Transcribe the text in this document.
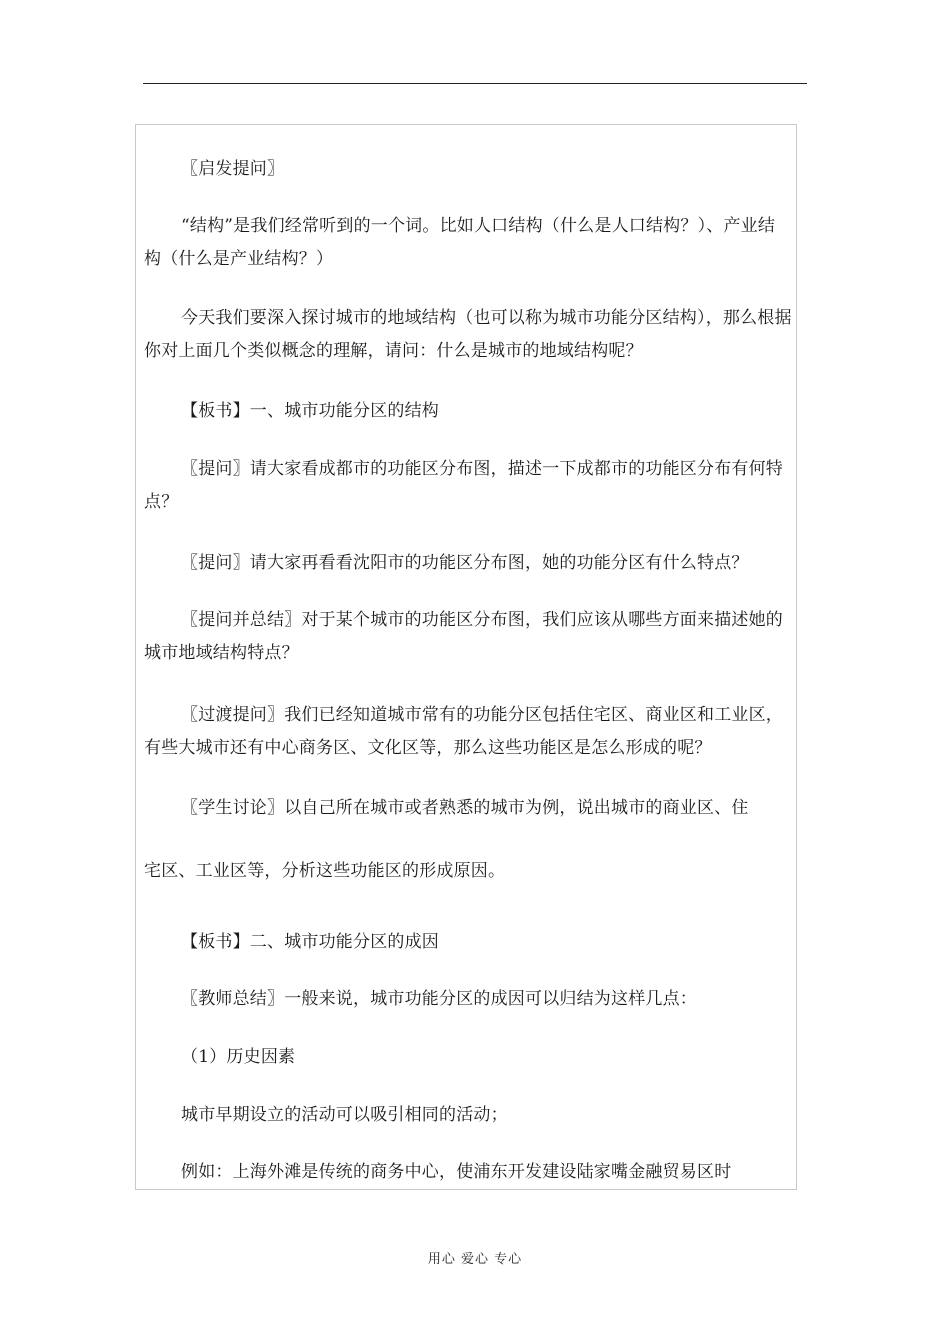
〖启发提问〗
“结构”是我们经常听到的一个词。比如人口结构（什么是人口结构？）、产业结构（什么是产业结构？）
今天我们要深入探讨城市的地域结构（也可以称为城市功能分区结构），那么根据你对上面几个类似概念的理解，请问：什么是城市的地域结构呢？
【板书】一、城市功能分区的结构
〖提问〗请大家看成都市的功能区分布图，描述一下成都市的功能区分布有何特点？
〖提问〗请大家再看看沈阳市的功能区分布图，她的功能分区有什么特点？
〖提问并总结〗对于某个城市的功能区分布图，我们应该从哪些方面来描述她的城市地域结构特点？
〖过渡提问〗我们已经知道城市常有的功能分区包括住宅区、商业区和工业区，有些大城市还有中心商务区、文化区等，那么这些功能区是怎么形成的呢？
〖学生讨论〗以自己所在城市或者熟悉的城市为例，说出城市的商业区、住
宅区、工业区等，分析这些功能区的形成原因。
【板书】二、城市功能分区的成因
〖教师总结〗一般来说，城市功能分区的成因可以归结为这样几点：
（1）历史因素
城市早期设立的活动可以吸引相同的活动；
例如：上海外滩是传统的商务中心，使浦东开发建设陆家嘴金融贸易区时
用心 爱心 专心
